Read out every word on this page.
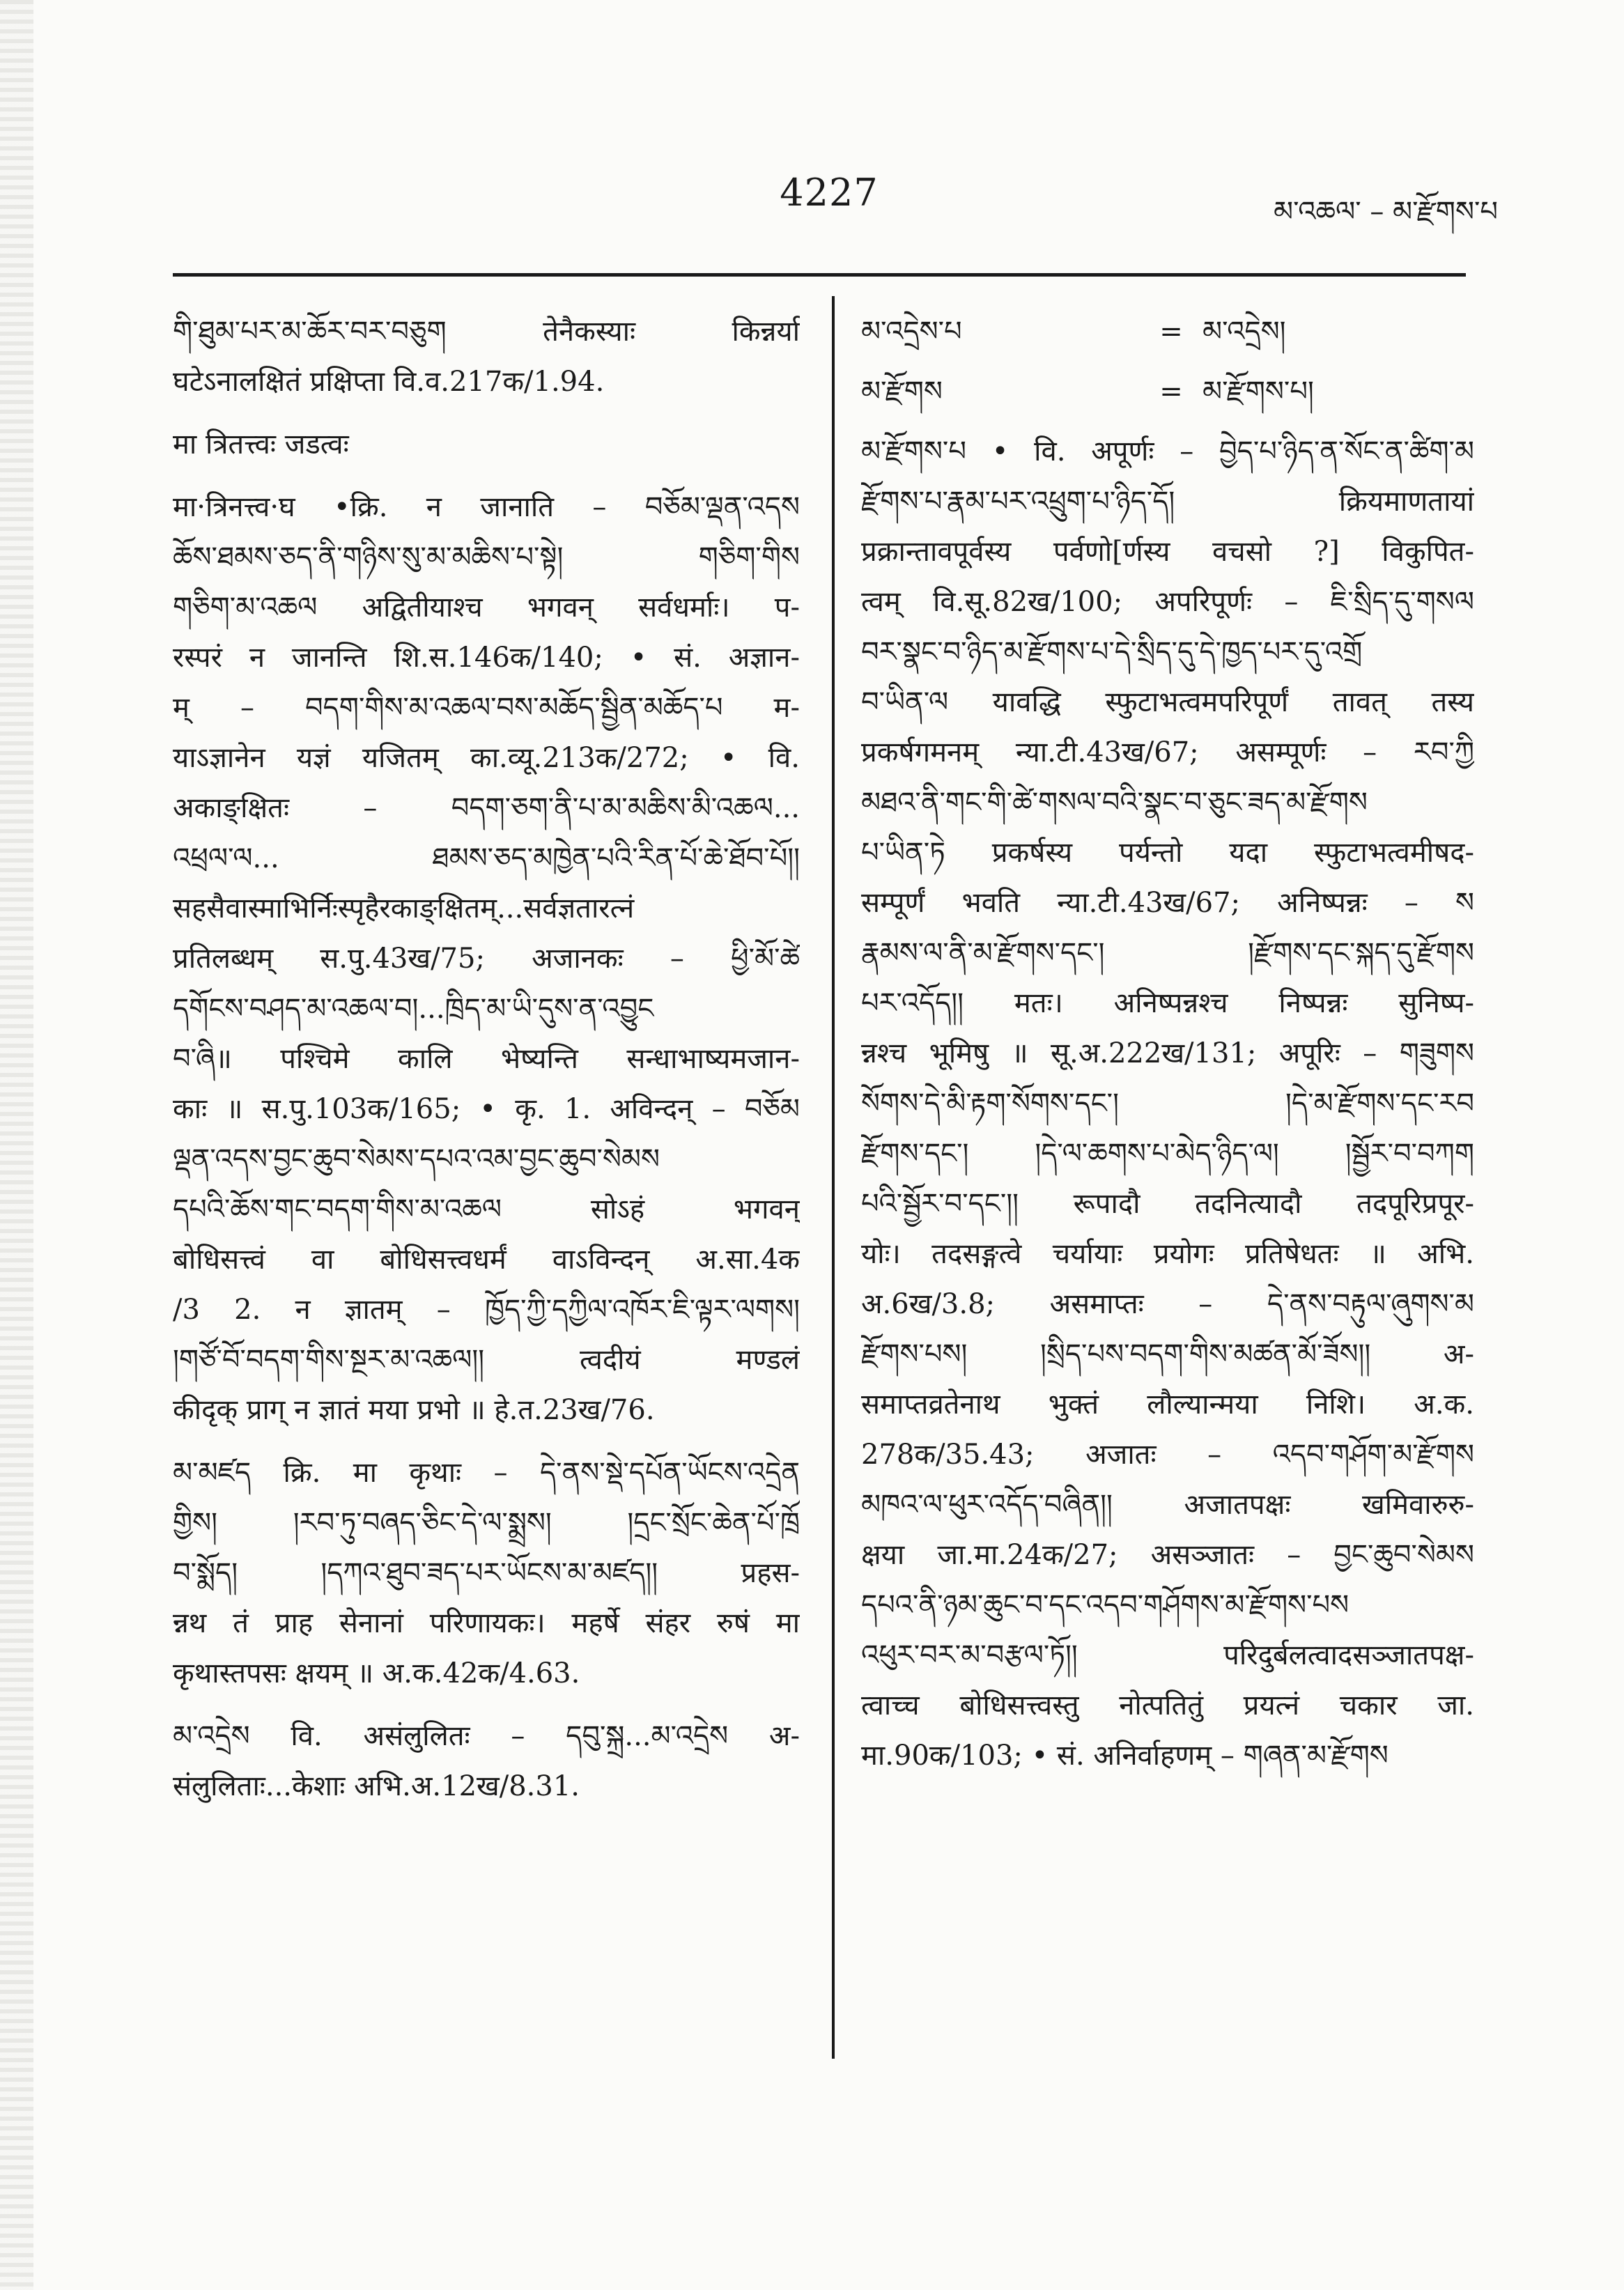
4227	མ་འཆལ་ – མ་རྫོགས་པ
གི་ཐུམ་པར་མ་ཆོར་བར་བཅུག तेनैकस्याः किन्नर्या
घटेऽनालक्षितं प्रक्षिप्ता वि.व.217क/1.94.
मा त्रितत्त्वः जडत्वः
मा·त्रिनत्त्व·घ •क्रि. न जानाति – བཅོམ་ལྡན་འདས
ཆོས་ཐམས་ཅད་ནི་གཉིས་སུ་མ་མཆིས་པ་སྟེ། གཅིག་གིས
གཅིག་མ་འཆལ अद्वितीयाश्च भगवन् सर्वधर्माः। प-
रस्परं न जानन्ति शि.स.146क/140; • सं. अज्ञान-
म् – བདག་གིས་མ་འཆལ་བས་མཆོད་སྦྱིན་མཆོད་པ म-
याऽज्ञानेन यज्ञं यजितम् का.व्यू.213क/272; • वि.
अकाङ्क्षितः – བདག་ཅག་ནི་པ་མ་མཆིས་མི་འཆལ...
འཕྲལ་ལ... ཐམས་ཅད་མཁྱེན་པའི་རིན་པོ་ཆེ་ཐོབ་པོ།།
सहसैवास्माभिर्निःस्पृहैरकाङ्क्षितम्...सर्वज्ञतारत्नं
प्रतिलब्धम् स.पु.43ख/75; अजानकः – ཕྱི་མོ་ཚེ
དགོངས་བཤད་མ་འཆལ་བ།...ཁྲིད་མ་ཡི་དུས་ན་འབྱུང
བ་ཞི॥ पश्चिमे कालि भेष्यन्ति सन्धाभाष्यमजान-
काः ॥ स.पु.103क/165; • कृ. 1. अविन्दन् – བཅོམ
ལྡན་འདས་བྱང་ཆུབ་སེམས་དཔའ་འམ་བྱང་ཆུབ་སེམས
དཔའི་ཆོས་གང་བདག་གིས་མ་འཆལ सोऽहं भगवन्
बोधिसत्त्वं वा बोधिसत्त्वधर्मं वाऽविन्दन् अ.सा.4क
/3 2. न ज्ञातम् – ཁྱོད་ཀྱི་དཀྱིལ་འཁོར་ཇི་ལྟར་ལགས།
།གཙོ་བོ་བདག་གིས་སྔར་མ་འཆལ།། त्वदीयं मण्डलं
कीदृक् प्राग् न ज्ञातं मया प्रभो ॥ हे.त.23ख/76.
མ་མཛད क्रि. मा कृथाः – དེ་ནས་སྡེ་དཔོན་ཡོངས་འདྲེན
གྱིས། །རབ་ཏུ་བཞད་ཅིང་དེ་ལ་སྨྲས། །དྲང་སྲོང་ཆེན་པོ་ཁྲོ
བ་སྨོད། །དཀའ་ཐུབ་ཟད་པར་ཡོངས་མ་མཛད།། प्रहस-
न्नथ तं प्राह सेनानां परिणायकः। महर्षे संहर रुषं मा
कृथास्तपसः क्षयम् ॥ अ.क.42क/4.63.
མ་འདྲེས वि. असंलुलितः – དབུ་སྐྲ...མ་འདྲེས अ-
संलुलिताः...केशाः अभि.अ.12ख/8.31.
མ་འདྲེས་པ	= མ་འདྲེས།
མ་རྫོགས	= མ་རྫོགས་པ།
མ་རྫོགས་པ • वि. अपूर्णः – བྱེད་པ་ཉིད་ན་སོང་ན་ཚིག་མ
རྫོགས་པ་རྣམ་པར་འཕྲུག་པ་ཉིད་དོ། क्रियमाणतायां
प्रक्रान्तावपूर्वस्य पर्वणो[र्णस्य वचसो ?] विकुपित-
त्वम् वि.सू.82ख/100; अपरिपूर्णः – ཇི་སྲིད་དུ་གསལ
བར་སྣང་བ་ཉིད་མ་རྫོགས་པ་དེ་སྲིད་དུ་དེ་ཁྱད་པར་དུ་འགྲོ
བ་ཡིན་ལ यावद्धि स्फुटाभत्वमपरिपूर्णं तावत् तस्य
प्रकर्षगमनम् न्या.टी.43ख/67; असम्पूर्णः – རབ་ཀྱི
མཐའ་ནི་གང་གི་ཚེ་གསལ་བའི་སྣང་བ་ཅུང་ཟད་མ་རྫོགས
པ་ཡིན་ཏེ प्रकर्षस्य पर्यन्तो यदा स्फुटाभत्वमीषद-
सम्पूर्णं भवति न्या.टी.43ख/67; अनिष्पन्नः – ས
རྣམས་ལ་ནི་མ་རྫོགས་དང་། །རྫོགས་དང་སྐད་དུ་རྫོགས
པར་འདོད།། मतः। अनिष्पन्नश्च निष्पन्नः सुनिष्प-
न्नश्च भूमिषु ॥ सू.अ.222ख/131; अपूरिः – གཟུགས
སོགས་དེ་མི་རྟག་སོགས་དང་། །དེ་མ་རྫོགས་དང་རབ
རྫོགས་དང་། །དེ་ལ་ཆགས་པ་མེད་ཉིད་ལ། །སྦྱོར་བ་བཀག
པའི་སྦྱོར་བ་དང་།། रूपादौ तदनित्यादौ तदपूरिप्रपूर-
योः। तदसङ्गत्वे चर्यायाः प्रयोगः प्रतिषेधतः ॥ अभि.
अ.6ख/3.8; असमाप्तः – དེ་ནས་བརྟུལ་ཞུགས་མ
རྫོགས་པས། །སྲིད་པས་བདག་གིས་མཚན་མོ་ཟོས།། अ-
समाप्तव्रतेनाथ भुक्तं लौल्यान्मया निशि। अ.क.
278क/35.43; अजातः – འདབ་གཤོག་མ་རྫོགས
མཁའ་ལ་ཕུར་འདོད་བཞིན།། अजातपक्षः खमिवारुरु-
क्षया जा.मा.24क/27; असञ्जातः – བྱང་ཆུབ་སེམས
དཔའ་ནི་ཉམ་ཆུང་བ་དང་འདབ་གཤོགས་མ་རྫོགས་པས
འཕུར་བར་མ་བརྩལ་ཏོ།། परिदुर्बलत्वादसञ्जातपक्ष-
त्वाच्च बोधिसत्त्वस्तु नोत्पतितुं प्रयत्नं चकार जा.
मा.90क/103; • सं. अनिर्वाहणम् – གཞན་མ་རྫོགས
